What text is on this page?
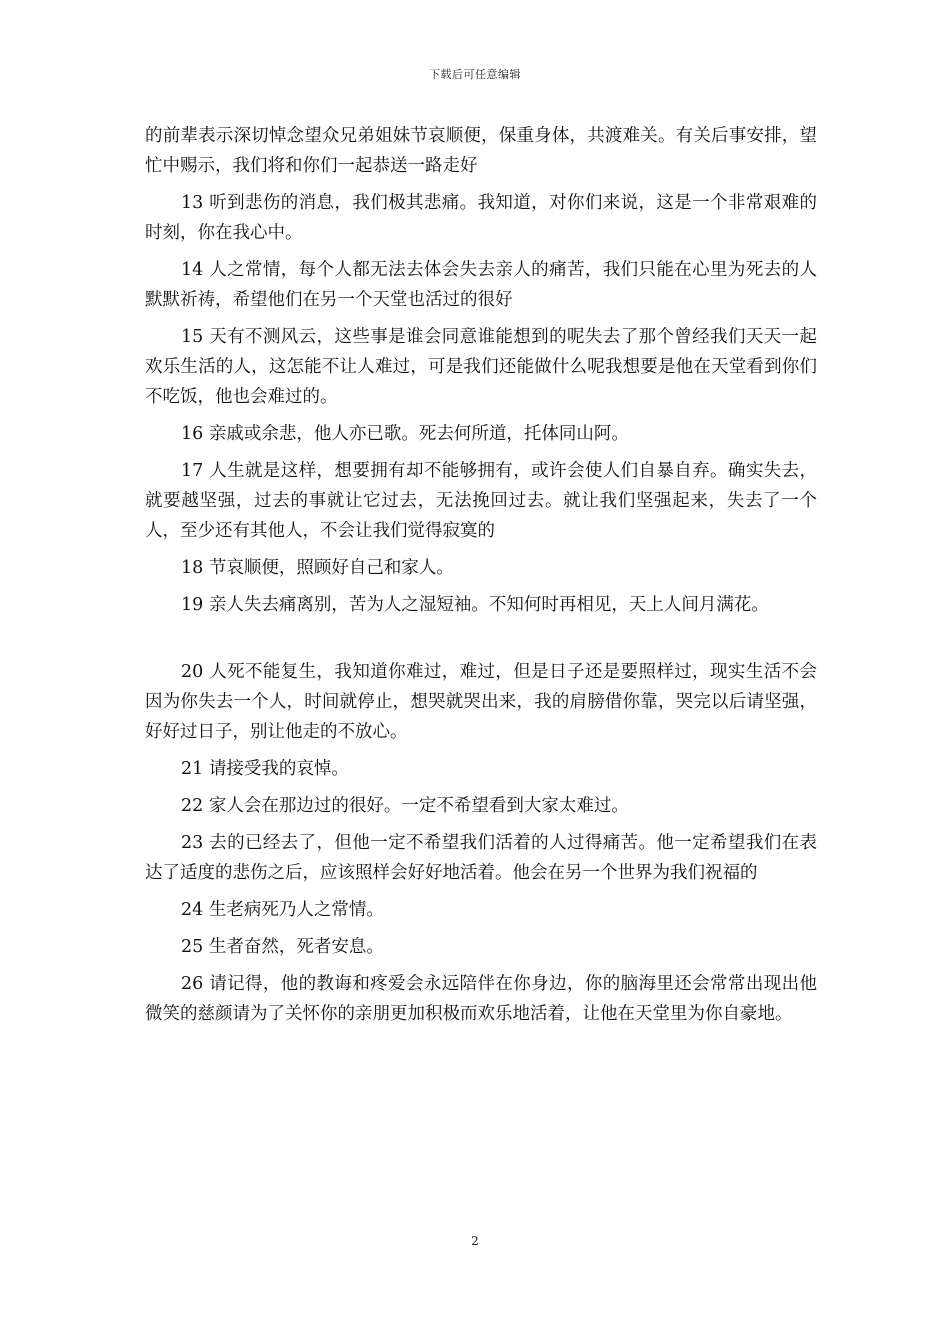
下载后可任意编辑

的前辈表示深切悼念望众兄弟姐妹节哀顺便，保重身体，共渡难关。有关后事安排，望忙中赐示，我们将和你们一起恭送一路走好

13 听到悲伤的消息，我们极其悲痛。我知道，对你们来说，这是一个非常艰难的时刻，你在我心中。

14 人之常情，每个人都无法去体会失去亲人的痛苦，我们只能在心里为死去的人默默祈祷，希望他们在另一个天堂也活过的很好

15 天有不测风云，这些事是谁会同意谁能想到的呢失去了那个曾经我们天天一起欢乐生活的人，这怎能不让人难过，可是我们还能做什么呢我想要是他在天堂看到你们不吃饭，他也会难过的。

16 亲戚或余悲，他人亦已歌。死去何所道，托体同山阿。

17 人生就是这样，想要拥有却不能够拥有，或许会使人们自暴自弃。确实失去，就要越坚强，过去的事就让它过去，无法挽回过去。就让我们坚强起来，失去了一个人，至少还有其他人，不会让我们觉得寂寞的

18 节哀顺便，照顾好自己和家人。

19 亲人失去痛离别，苦为人之湿短袖。不知何时再相见，天上人间月满花。

20 人死不能复生，我知道你难过，难过，但是日子还是要照样过，现实生活不会因为你失去一个人，时间就停止，想哭就哭出来，我的肩膀借你靠，哭完以后请坚强，好好过日子，别让他走的不放心。

21 请接受我的哀悼。

22 家人会在那边过的很好。一定不希望看到大家太难过。

23 去的已经去了，但他一定不希望我们活着的人过得痛苦。他一定希望我们在表达了适度的悲伤之后，应该照样会好好地活着。他会在另一个世界为我们祝福的

24 生老病死乃人之常情。

25 生者奋然，死者安息。

26 请记得，他的教诲和疼爱会永远陪伴在你身边，你的脑海里还会常常出现出他微笑的慈颜请为了关怀你的亲朋更加积极而欢乐地活着，让他在天堂里为你自豪地。

2
